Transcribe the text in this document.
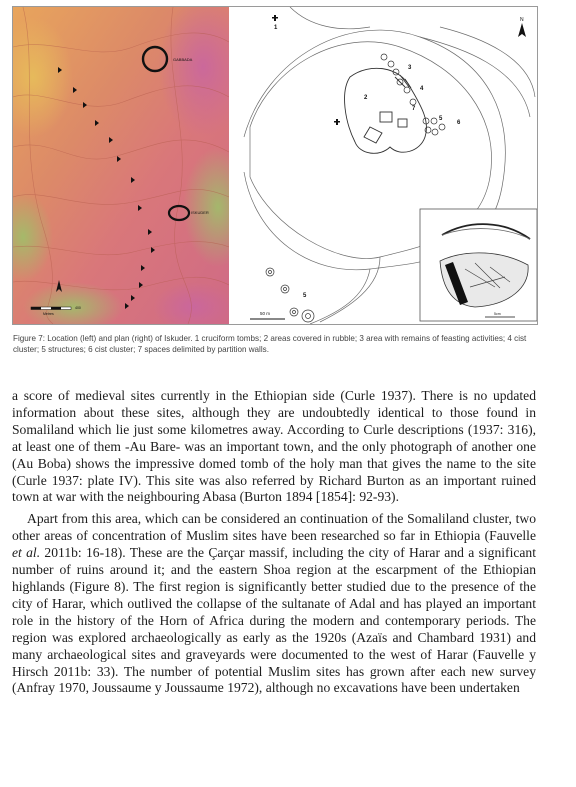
GABBADA
ISKUDER
400
Metres
1
2
3
4
5
6
7
5
N
50 m	5cm

Figure 7: Location (left) and plan (right) of Iskuder. 1 cruciform tombs; 2 areas covered in rubble; 3 area with remains of feasting activities; 4 cist cluster; 5 structures; 6 cist cluster; 7 spaces delimited by partition walls.

a score of medieval sites currently in the Ethiopian side (Curle 1937). There is no updated information about these sites, although they are undoubtedly identical to those found in Somaliland which lie just some kilometres away. According to Curle descriptions (1937: 316), at least one of them -Au Bare- was an important town, and the only photograph of another one (Au Boba) shows the impressive domed tomb of the holy man that gives the name to the site (Curle 1937: plate IV). This site was also referred by Richard Burton as an important ruined town at war with the neighbouring Abasa (Burton 1894 [1854]: 92-93).

Apart from this area, which can be considered an continuation of the Somaliland cluster, two other areas of concentration of Muslim sites have been researched so far in Ethiopia (Fauvelle et al. 2011b: 16-18). These are the Çarçar massif, including the city of Harar and a significant number of ruins around it; and the eastern Shoa region at the escarpment of the Ethiopian highlands (Figure 8). The first region is significantly better studied due to the presence of the city of Harar, which outlived the collapse of the sultanate of Adal and has played an important role in the history of the Horn of Africa during the modern and contemporary periods. The region was explored archaeologically as early as the 1920s (Azaïs and Chambard 1931) and many archaeological sites and graveyards were documented to the west of Harar (Fauvelle y Hirsch 2011b: 33). The number of potential Muslim sites has grown after each new survey (Anfray 1970, Joussaume y Joussaume 1972), although no excavations have been undertaken
